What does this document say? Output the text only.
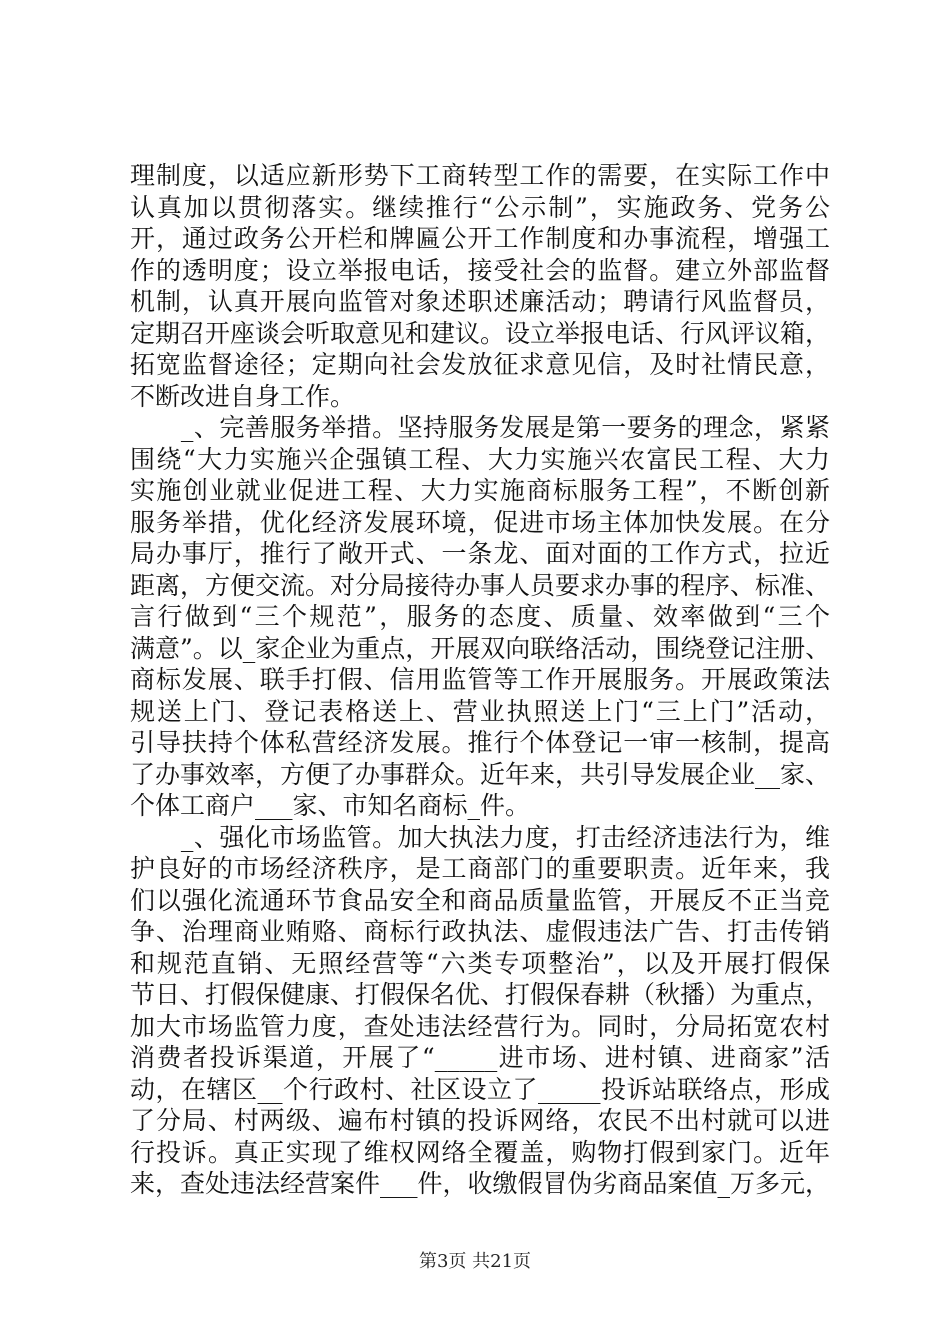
理制度，以适应新形势下工商转型工作的需要，在实际工作中
认真加以贯彻落实。继续推行“公示制”，实施政务、党务公
开，通过政务公开栏和牌匾公开工作制度和办事流程，增强工
作的透明度；设立举报电话，接受社会的监督。建立外部监督
机制，认真开展向监管对象述职述廉活动；聘请行风监督员，
定期召开座谈会听取意见和建议。设立举报电话、行风评议箱，
拓宽监督途径；定期向社会发放征求意见信，及时社情民意，
不断改进自身工作。
　　_、完善服务举措。坚持服务发展是第一要务的理念，紧紧
围绕“大力实施兴企强镇工程、大力实施兴农富民工程、大力
实施创业就业促进工程、大力实施商标服务工程”，不断创新
服务举措，优化经济发展环境，促进市场主体加快发展。在分
局办事厅，推行了敞开式、一条龙、面对面的工作方式，拉近
距离，方便交流。对分局接待办事人员要求办事的程序、标准、
言行做到“三个规范”，服务的态度、质量、效率做到“三个
满意”。以_家企业为重点，开展双向联络活动，围绕登记注册、
商标发展、联手打假、信用监管等工作开展服务。开展政策法
规送上门、登记表格送上、营业执照送上门“三上门”活动，
引导扶持个体私营经济发展。推行个体登记一审一核制，提高
了办事效率，方便了办事群众。近年来，共引导发展企业__家、
个体工商户___家、市知名商标_件。
　　_、强化市场监管。加大执法力度，打击经济违法行为，维
护良好的市场经济秩序，是工商部门的重要职责。近年来，我
们以强化流通环节食品安全和商品质量监管，开展反不正当竞
争、治理商业贿赂、商标行政执法、虚假违法广告、打击传销
和规范直销、无照经营等“六类专项整治”，以及开展打假保
节日、打假保健康、打假保名优、打假保春耕（秋播）为重点，
加大市场监管力度，查处违法经营行为。同时，分局拓宽农村
消费者投诉渠道，开展了“_____进市场、进村镇、进商家”活
动，在辖区__个行政村、社区设立了_____投诉站联络点，形成
了分局、村两级、遍布村镇的投诉网络，农民不出村就可以进
行投诉。真正实现了维权网络全覆盖，购物打假到家门。近年
来，查处违法经营案件___件，收缴假冒伪劣商品案值_万多元，
第3页 共21页
